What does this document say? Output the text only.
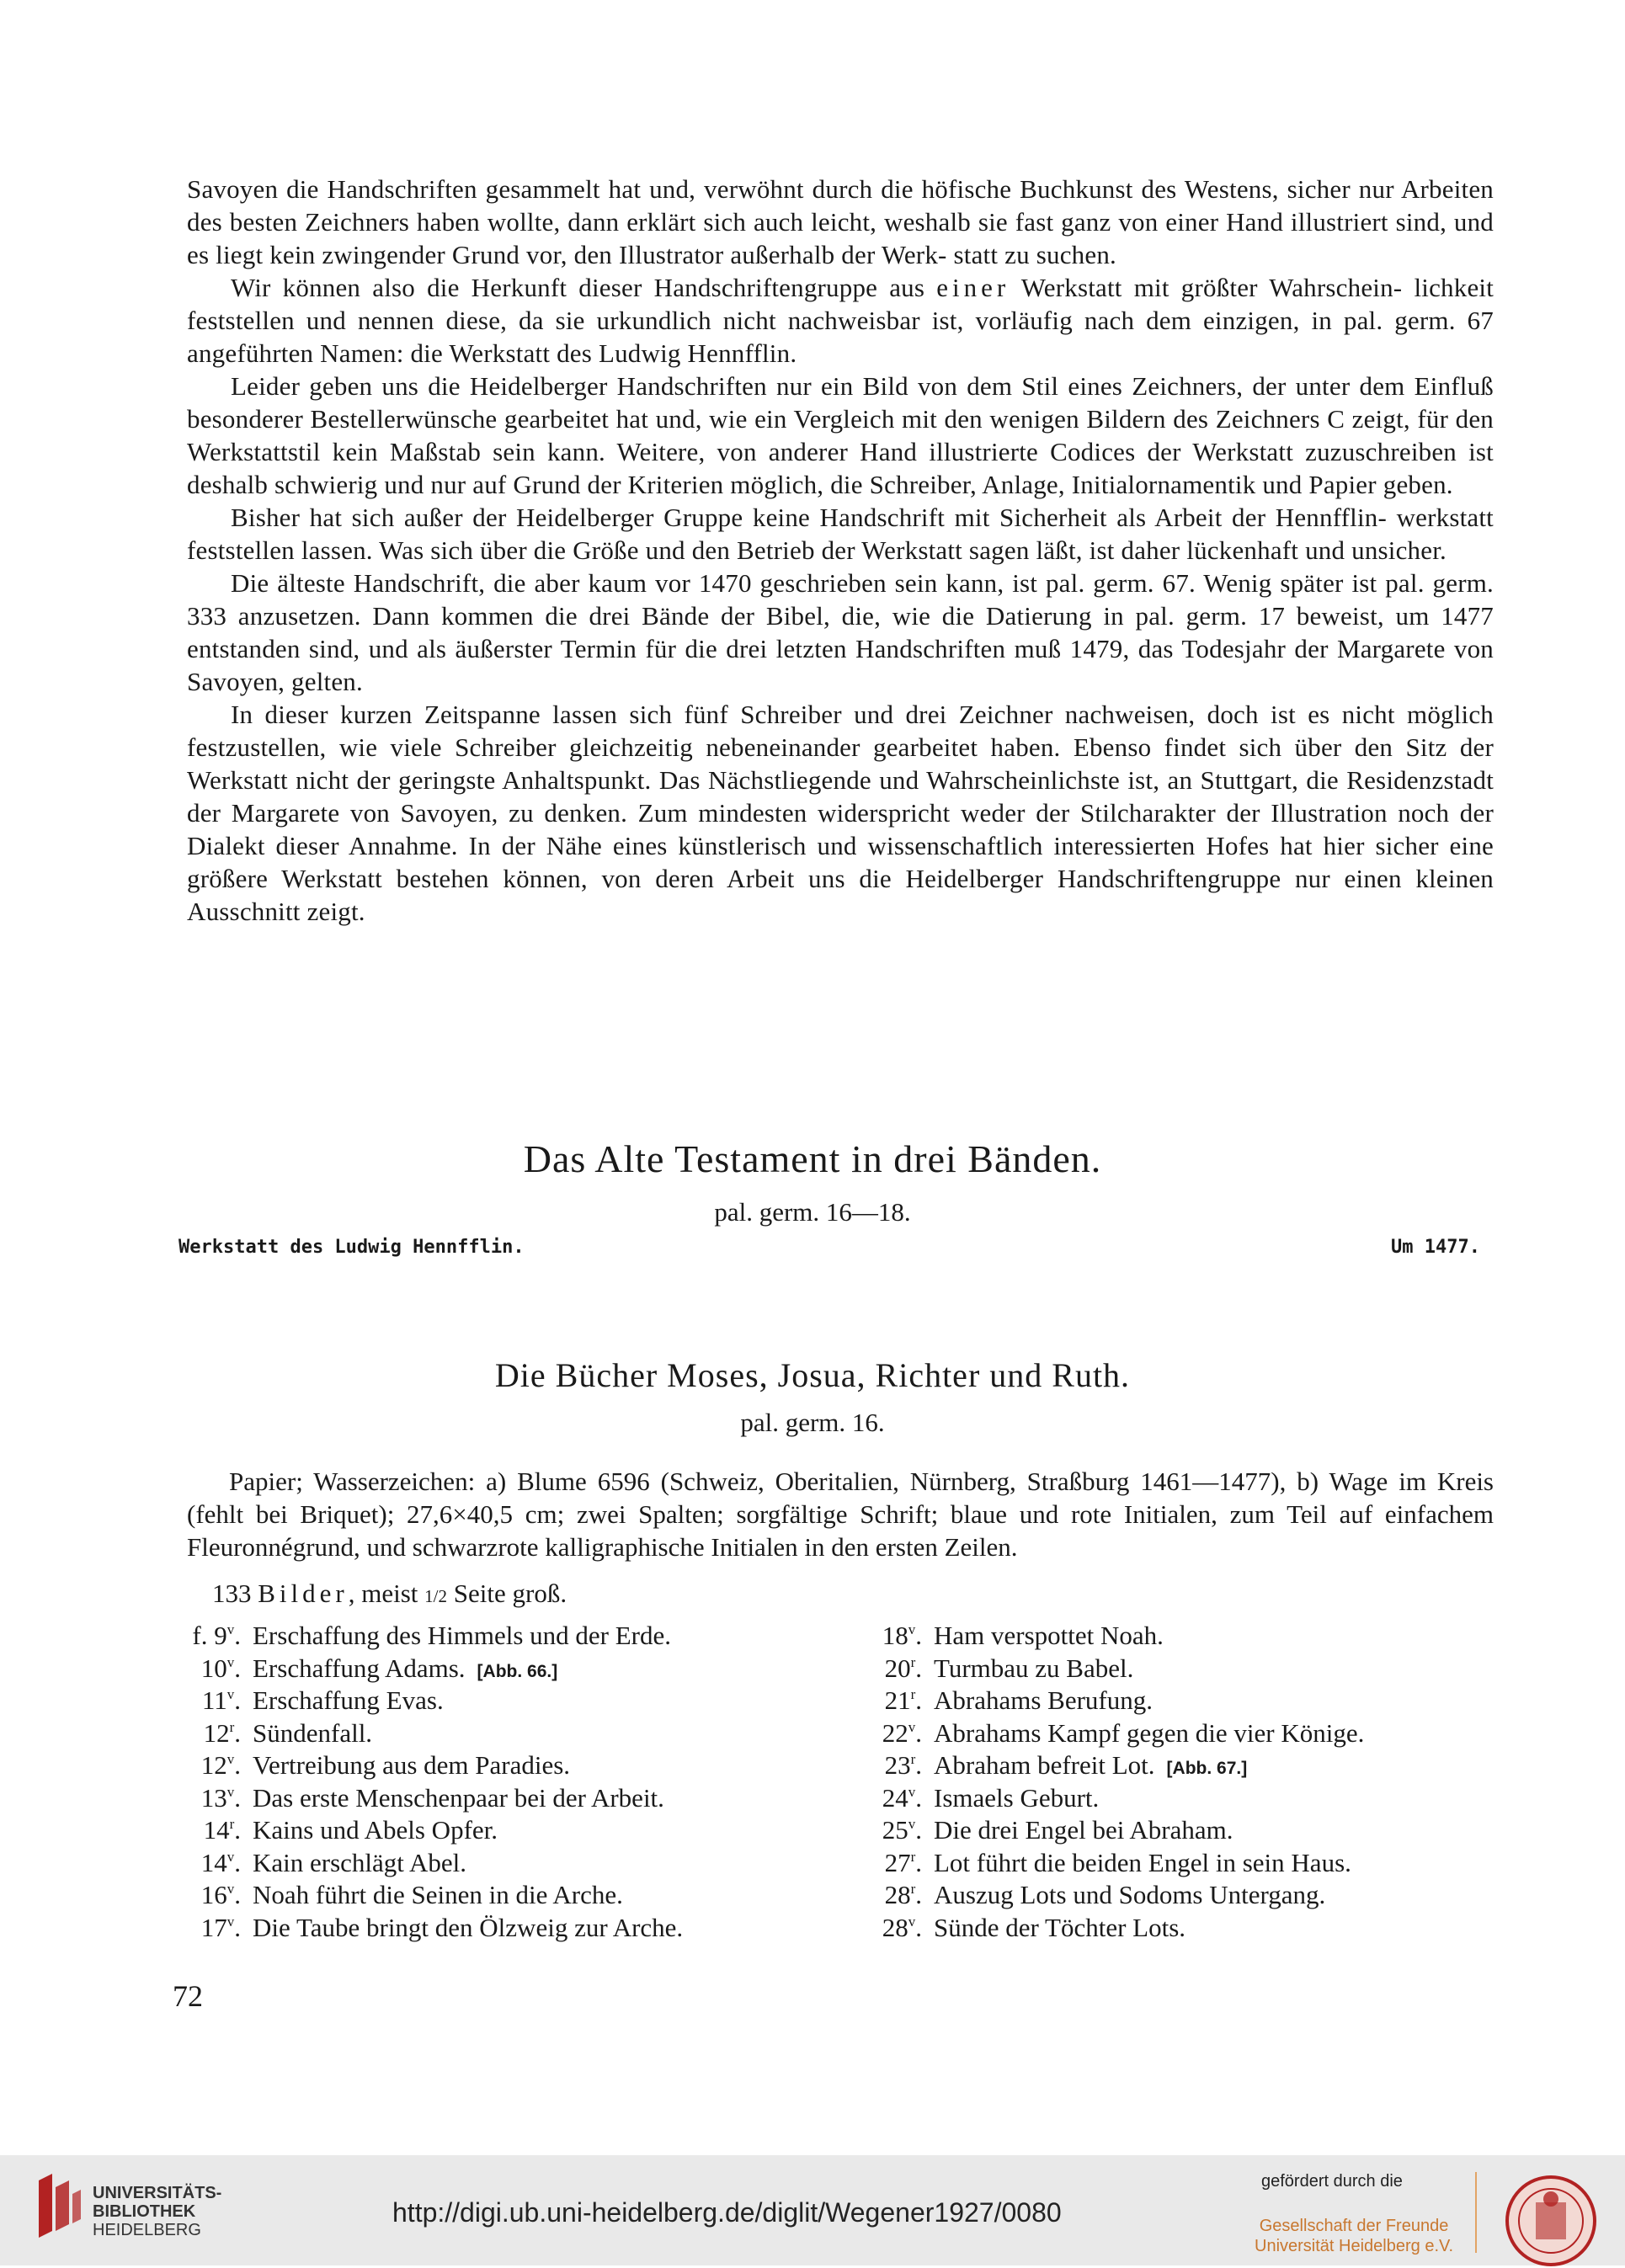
Savoyen die Handschriften gesammelt hat und, verwöhnt durch die höfische Buchkunst des Westens, sicher nur Arbeiten des besten Zeichners haben wollte, dann erklärt sich auch leicht, weshalb sie fast ganz von einer Hand illustriert sind, und es liegt kein zwingender Grund vor, den Illustrator außerhalb der Werk- statt zu suchen.

Wir können also die Herkunft dieser Handschriftengruppe aus einer Werkstatt mit größter Wahrschein- lichkeit feststellen und nennen diese, da sie urkundlich nicht nachweisbar ist, vorläufig nach dem einzigen, in pal. germ. 67 angeführten Namen: die Werkstatt des Ludwig Hennfflin.

Leider geben uns die Heidelberger Handschriften nur ein Bild von dem Stil eines Zeichners, der unter dem Einfluß besonderer Bestellerwünsche gearbeitet hat und, wie ein Vergleich mit den wenigen Bildern des Zeichners C zeigt, für den Werkstattstil kein Maßstab sein kann. Weitere, von anderer Hand illustrierte Codices der Werkstatt zuzuschreiben ist deshalb schwierig und nur auf Grund der Kriterien möglich, die Schreiber, Anlage, Initialornamentik und Papier geben.

Bisher hat sich außer der Heidelberger Gruppe keine Handschrift mit Sicherheit als Arbeit der Hennfflin- werkstatt feststellen lassen. Was sich über die Größe und den Betrieb der Werkstatt sagen läßt, ist daher lückenhaft und unsicher.

Die älteste Handschrift, die aber kaum vor 1470 geschrieben sein kann, ist pal. germ. 67. Wenig später ist pal. germ. 333 anzusetzen. Dann kommen die drei Bände der Bibel, die, wie die Datierung in pal. germ. 17 beweist, um 1477 entstanden sind, und als äußerster Termin für die drei letzten Handschriften muß 1479, das Todesjahr der Margarete von Savoyen, gelten.

In dieser kurzen Zeitspanne lassen sich fünf Schreiber und drei Zeichner nachweisen, doch ist es nicht möglich festzustellen, wie viele Schreiber gleichzeitig nebeneinander gearbeitet haben. Ebenso findet sich über den Sitz der Werkstatt nicht der geringste Anhaltspunkt. Das Nächstliegende und Wahrscheinlichste ist, an Stuttgart, die Residenzstadt der Margarete von Savoyen, zu denken. Zum mindesten widerspricht weder der Stilcharakter der Illustration noch der Dialekt dieser Annahme. In der Nähe eines künstlerisch und wissenschaftlich interessierten Hofes hat hier sicher eine größere Werkstatt bestehen können, von deren Arbeit uns die Heidelberger Handschriftengruppe nur einen kleinen Ausschnitt zeigt.

Das Alte Testament in drei Bänden.
pal. germ. 16—18.
Werkstatt des Ludwig Hennfflin.	Um 1477.
Die Bücher Moses, Josua, Richter und Ruth.
pal. germ. 16.

Papier; Wasserzeichen: a) Blume 6596 (Schweiz, Oberitalien, Nürnberg, Straßburg 1461—1477), b) Wage im Kreis (fehlt bei Briquet); 27,6×40,5 cm; zwei Spalten; sorgfältige Schrift; blaue und rote Initialen, zum Teil auf einfachem Fleuronnégrund, und schwarzrote kalligraphische Initialen in den ersten Zeilen.

133 Bilder, meist 1/2 Seite groß.
f. 9$^v$. Erschaffung des Himmels und der Erde.
10$^v$. Erschaffung Adams. [Abb. 66.]
11$^v$. Erschaffung Evas.
12$^r$. Sündenfall.
12$^v$. Vertreibung aus dem Paradies.
13$^v$. Das erste Menschenpaar bei der Arbeit.
14$^r$. Kains und Abels Opfer.
14$^v$. Kain erschlägt Abel.
16$^v$. Noah führt die Seinen in die Arche.
17$^v$. Die Taube bringt den Ölzweig zur Arche.
18$^v$. Ham verspottet Noah.
20$^r$. Turmbau zu Babel.
21$^r$. Abrahams Berufung.
22$^v$. Abrahams Kampf gegen die vier Könige.
23$^r$. Abraham befreit Lot. [Abb. 67.]
24$^v$. Ismaels Geburt.
25$^v$. Die drei Engel bei Abraham.
27$^r$. Lot führt die beiden Engel in sein Haus.
28$^r$. Auszug Lots und Sodoms Untergang.
28$^v$. Sünde der Töchter Lots.
72
UNIVERSITÄTS-
BIBLIOTHEK
HEIDELBERG
http://digi.ub.uni-heidelberg.de/diglit/Wegener1927/0080
gefördert durch die
Gesellschaft der Freunde
Universität Heidelberg e.V.
